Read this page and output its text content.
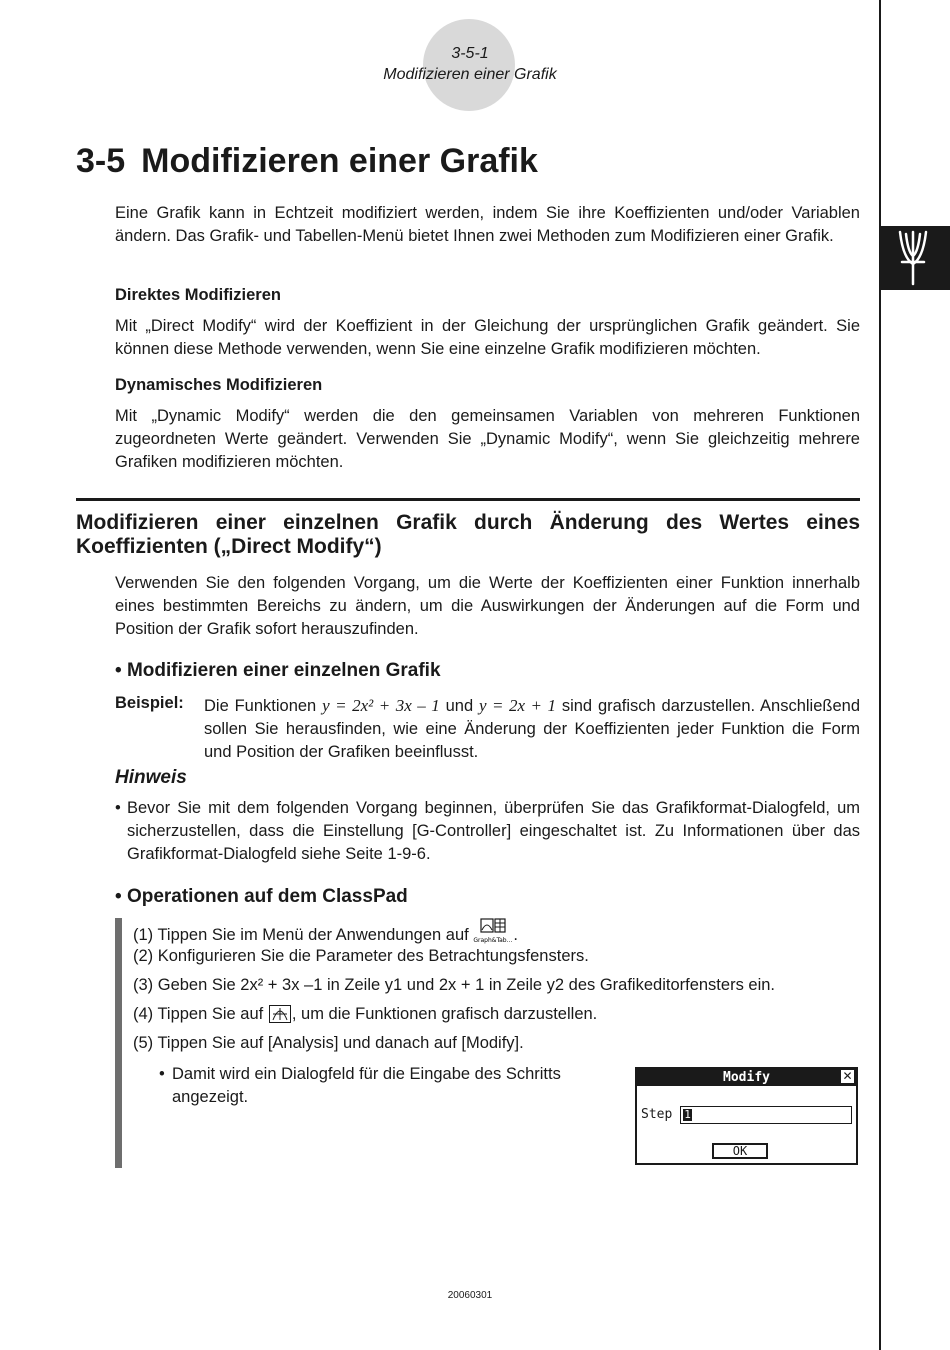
3-5-1
Modifizieren einer Grafik
3-5 Modifizieren einer Grafik
Eine Grafik kann in Echtzeit modifiziert werden, indem Sie ihre Koeffizienten und/oder Variablen ändern. Das Grafik- und Tabellen-Menü bietet Ihnen zwei Methoden zum Modifizieren einer Grafik.
Direktes Modifizieren
Mit „Direct Modify“ wird der Koeffizient in der Gleichung der ursprünglichen Grafik geändert. Sie können diese Methode verwenden, wenn Sie eine einzelne Grafik modifizieren möchten.
Dynamisches Modifizieren
Mit „Dynamic Modify“ werden die den gemeinsamen Variablen von mehreren Funktionen zugeordneten Werte geändert. Verwenden Sie „Dynamic Modify“, wenn Sie gleichzeitig mehrere Grafiken modifizieren möchten.
Modifizieren einer einzelnen Grafik durch Änderung des Wertes eines Koeffizienten („Direct Modify“)
Verwenden Sie den folgenden Vorgang, um die Werte der Koeffizienten einer Funktion innerhalb eines bestimmten Bereichs zu ändern, um die Auswirkungen der Änderungen auf die Form und Position der Grafik sofort herauszufinden.
• Modifizieren einer einzelnen Grafik
Beispiel: Die Funktionen y = 2x² + 3x – 1 und y = 2x + 1 sind grafisch darzustellen. Anschließend sollen Sie herausfinden, wie eine Änderung der Koeffizienten jeder Funktion die Form und Position der Grafiken beeinflusst.
Hinweis
• Bevor Sie mit dem folgenden Vorgang beginnen, überprüfen Sie das Grafikformat-Dialogfeld, um sicherzustellen, dass die Einstellung [G-Controller] eingeschaltet ist. Zu Informationen über das Grafikformat-Dialogfeld siehe Seite 1-9-6.
• Operationen auf dem ClassPad
(1) Tippen Sie im Menü der Anwendungen auf Graph&Tab… .
(2) Konfigurieren Sie die Parameter des Betrachtungsfensters.
(3) Geben Sie 2x² + 3x –1 in Zeile y1 und 2x + 1 in Zeile y2 des Grafikeditorfensters ein.
(4) Tippen Sie auf , um die Funktionen grafisch darzustellen.
(5) Tippen Sie auf [Analysis] und danach auf [Modify].
• Damit wird ein Dialogfeld für die Eingabe des Schritts angezeigt.
Modify	✕
Step 1
OK
20060301
